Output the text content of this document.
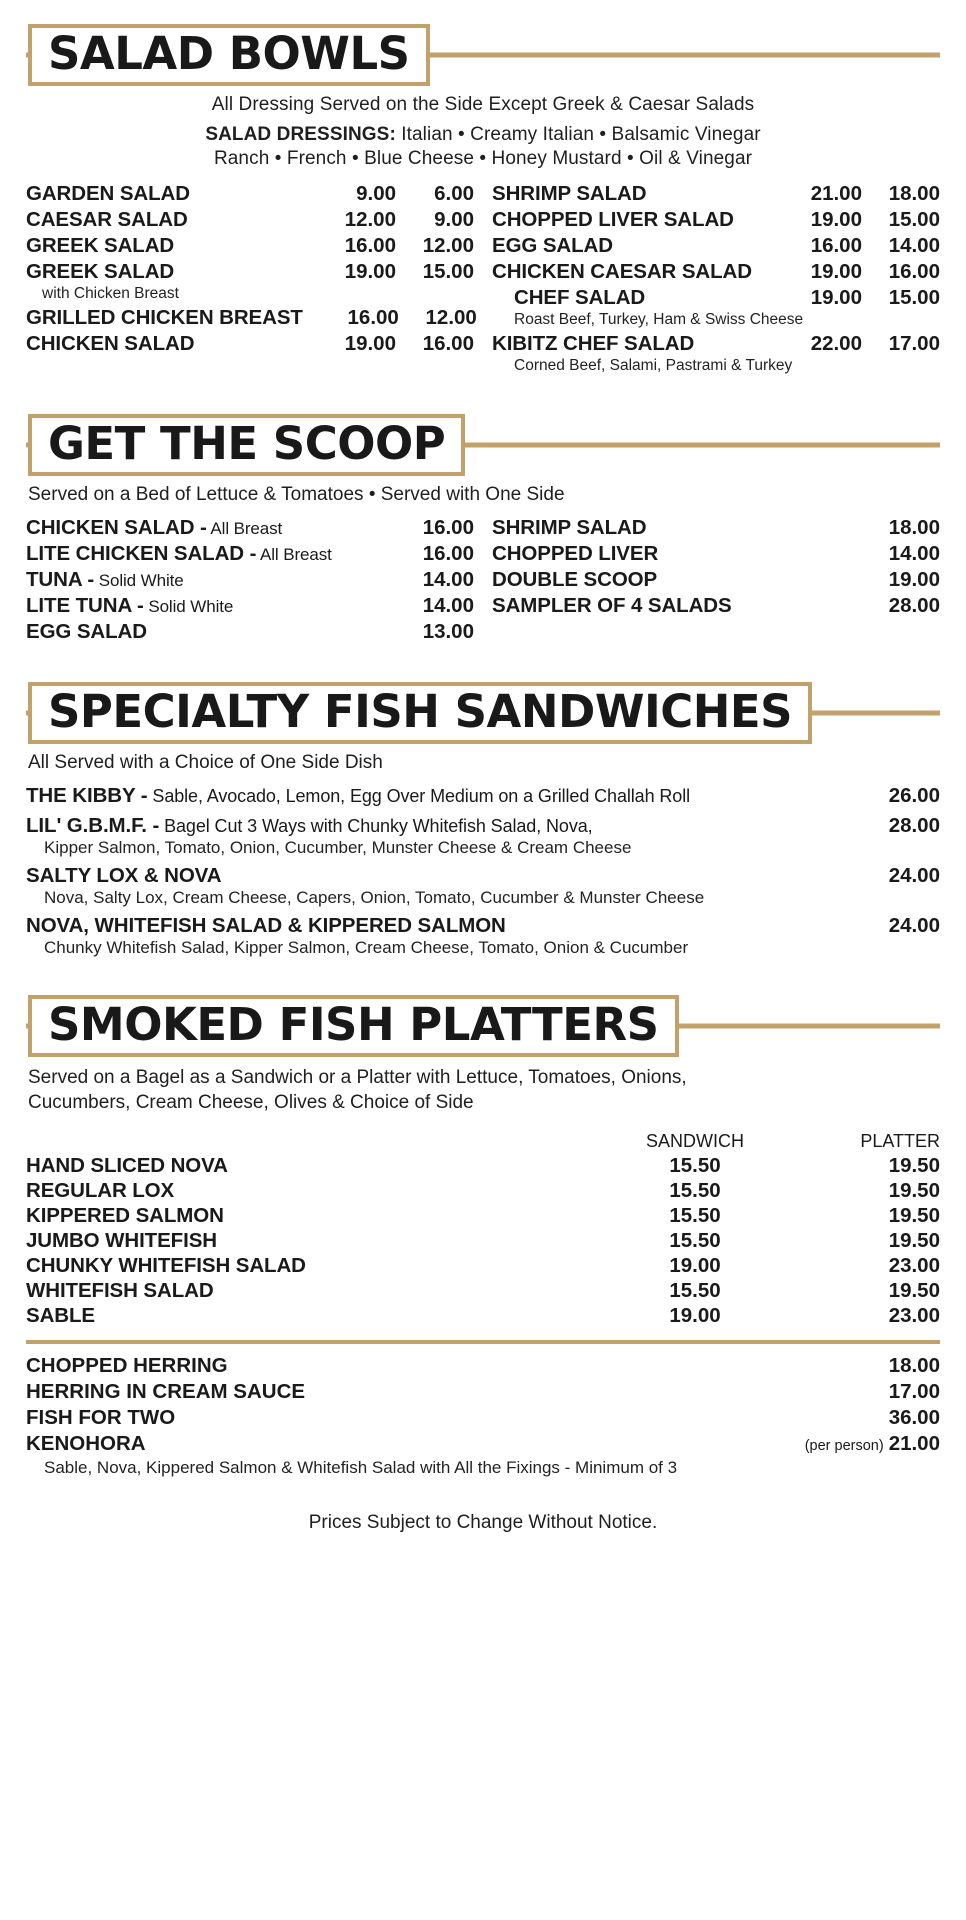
SALAD BOWLS
All Dressing Served on the Side Except Greek & Caesar Salads
SALAD DRESSINGS: Italian • Creamy Italian • Balsamic Vinegar
Ranch • French • Blue Cheese • Honey Mustard • Oil & Vinegar
GARDEN SALAD	9.00	6.00
CAESAR SALAD	12.00	9.00
GREEK SALAD	16.00	12.00
GREEK SALAD	19.00	15.00
with Chicken Breast
GRILLED CHICKEN BREAST	16.00	12.00
CHICKEN SALAD	19.00	16.00
SHRIMP SALAD	21.00	18.00
CHOPPED LIVER SALAD	19.00	15.00
EGG SALAD	16.00	14.00
CHICKEN CAESAR SALAD	19.00	16.00
CHEF SALAD	19.00	15.00
Roast Beef, Turkey, Ham & Swiss Cheese
KIBITZ CHEF SALAD	22.00	17.00
Corned Beef, Salami, Pastrami & Turkey
GET THE SCOOP
Served on a Bed of Lettuce & Tomatoes • Served with One Side
CHICKEN SALAD - All Breast	16.00
LITE CHICKEN SALAD - All Breast	16.00
TUNA - Solid White	14.00
LITE TUNA - Solid White	14.00
EGG SALAD	13.00
SHRIMP SALAD	18.00
CHOPPED LIVER	14.00
DOUBLE SCOOP	19.00
SAMPLER OF 4 SALADS	28.00
SPECIALTY FISH SANDWICHES
All Served with a Choice of One Side Dish
THE KIBBY - Sable, Avocado, Lemon, Egg Over Medium on a Grilled Challah Roll	26.00
LIL' G.B.M.F. - Bagel Cut 3 Ways with Chunky Whitefish Salad, Nova,	28.00
Kipper Salmon, Tomato, Onion, Cucumber, Munster Cheese & Cream Cheese
SALTY LOX & NOVA	24.00
Nova, Salty Lox, Cream Cheese, Capers, Onion, Tomato, Cucumber & Munster Cheese
NOVA, WHITEFISH SALAD & KIPPERED SALMON	24.00
Chunky Whitefish Salad, Kipper Salmon, Cream Cheese, Tomato, Onion & Cucumber
SMOKED FISH PLATTERS
Served on a Bagel as a Sandwich or a Platter with Lettuce, Tomatoes, Onions,
Cucumbers, Cream Cheese, Olives & Choice of Side
SANDWICH	PLATTER
HAND SLICED NOVA	15.50	19.50
REGULAR LOX	15.50	19.50
KIPPERED SALMON	15.50	19.50
JUMBO WHITEFISH	15.50	19.50
CHUNKY WHITEFISH SALAD	19.00	23.00
WHITEFISH SALAD	15.50	19.50
SABLE	19.00	23.00
CHOPPED HERRING	18.00
HERRING IN CREAM SAUCE	17.00
FISH FOR TWO	36.00
KENOHORA	(per person) 21.00
Sable, Nova, Kippered Salmon & Whitefish Salad with All the Fixings - Minimum of 3
Prices Subject to Change Without Notice.
